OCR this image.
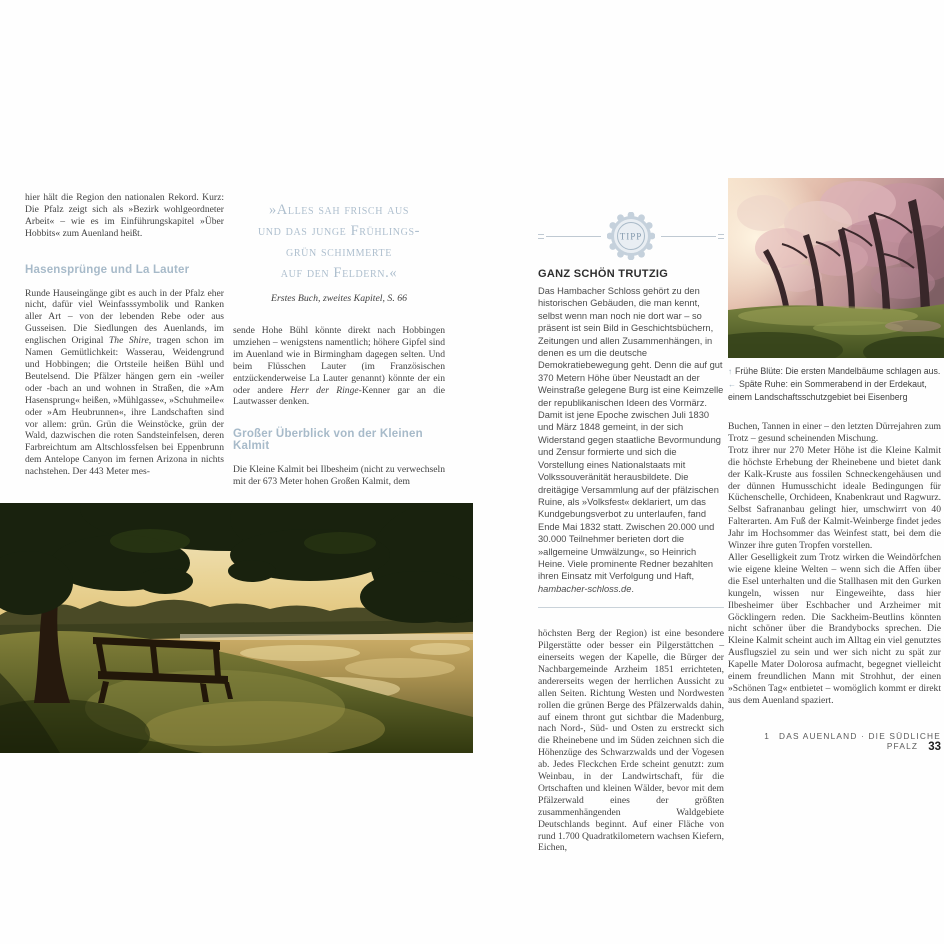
hier hält die Region den nationalen Rekord. Kurz: Die Pfalz zeigt sich als »Bezirk wohlgeordneter Arbeit« – wie es im Einführungskapitel »Über Hobbits« zum Auenland heißt.

Hasensprünge und La Lauter

Runde Hauseingänge gibt es auch in der Pfalz eher nicht, dafür viel Weinfasssymbolik und Ranken aller Art – von der lebenden Rebe oder aus Gusseisen. Die Siedlungen des Auenlands, im englischen Original The Shire, tragen schon im Namen Gemütlichkeit: Wasserau, Weidengrund und Hobbingen; die Ortsteile heißen Bühl und Beutelsend. Die Pfälzer hängen gern ein -weiler oder -bach an und wohnen in Straßen, die »Am Hasensprung« heißen, »Mühlgasse«, »Schuhmeile« oder »Am Heubrunnen«, ihre Landschaften sind vor allem: grün. Grün die Weinstöcke, grün der Wald, dazwischen die roten Sandsteinfelsen, deren Farbreichtum am Altschlossfelsen bei Eppenbrunn dem Antelope Canyon im fernen Arizona in nichts nachstehen. Der 443 Meter mes-

»Alles sah frisch aus
und das junge Frühlings-
grün schimmerte
auf den Feldern.«
Erstes Buch, zweites Kapitel, S. 66

sende Hohe Bühl könnte direkt nach Hobbingen umziehen – wenigstens namentlich; höhere Gipfel sind im Auenland wie in Birmingham dagegen selten. Und beim Flüsschen Lauter (im Französischen entzückenderweise La Lauter genannt) könnte der ein oder andere Herr der Ringe-Kenner gar an die Lautwasser denken.

Großer Überblick von der Kleinen Kalmit

Die Kleine Kalmit bei Ilbesheim (nicht zu verwechseln mit der 673 Meter hohen Großen Kalmit, dem

TIPP
GANZ SCHÖN TRUTZIG
Das Hambacher Schloss gehört zu den historischen Gebäuden, die man kennt, selbst wenn man noch nie dort war – so präsent ist sein Bild in Geschichtsbüchern, Zeitungen und allen Zusammenhängen, in denen es um die deutsche Demokratiebewegung geht. Denn die auf gut 370 Metern Höhe über Neustadt an der Weinstraße gelegene Burg ist eine Keimzelle der republikanischen Ideen des Vormärz. Damit ist jene Epoche zwischen Juli 1830 und März 1848 gemeint, in der sich Widerstand gegen staatliche Bevormundung und Zensur formierte und sich die Vorstellung eines Nationalstaats mit Volkssouveränität herausbildete. Die dreitägige Versammlung auf der pfälzischen Ruine, als »Volksfest« deklariert, um das Kundgebungsverbot zu unterlaufen, fand Ende Mai 1832 statt. Zwischen 20.000 und 30.000 Teilnehmer berieten dort die »allgemeine Umwälzung«, so Heinrich Heine. Viele prominente Redner bezahlten ihren Einsatz mit Verfolgung und Haft, hambacher-schloss.de.

höchsten Berg der Region) ist eine besondere Pilgerstätte oder besser ein Pilgerstättchen – einerseits wegen der Kapelle, die Bürger der Nachbargemeinde Arzheim 1851 errichteten, andererseits wegen der herrlichen Aussicht zu allen Seiten. Richtung Westen und Nordwesten rollen die grünen Berge des Pfälzerwalds dahin, auf einem thront gut sichtbar die Madenburg, nach Nord-, Süd- und Osten zu erstreckt sich die Rheinebene und im Süden zeichnen sich die Höhenzüge des Schwarzwalds und der Vogesen ab. Jedes Fleckchen Erde scheint genutzt: zum Weinbau, in der Landwirtschaft, für die Ortschaften und kleinen Wälder, bevor mit dem Pfälzerwald eines der größten zusammenhängenden Waldgebiete Deutschlands beginnt. Auf einer Fläche von rund 1.700 Quadratkilometern wachsen Kiefern, Eichen,

↑ Frühe Blüte: Die ersten Mandelbäume schlagen aus.
← Späte Ruhe: ein Sommerabend in der Erdekaut, einem Landschaftsschutzgebiet bei Eisenberg

Buchen, Tannen in einer – den letzten Dürrejahren zum Trotz – gesund scheinenden Mischung.

Trotz ihrer nur 270 Meter Höhe ist die Kleine Kalmit die höchste Erhebung der Rheinebene und bietet dank der Kalk-Kruste aus fossilen Schneckengehäusen und der dünnen Humusschicht ideale Bedingungen für Küchenschelle, Orchideen, Knabenkraut und Ragwurz. Selbst Safrananbau gelingt hier, umschwirrt von 40 Falterarten. Am Fuß der Kalmit-Weinberge findet jedes Jahr im Hochsommer das Weinfest statt, bei dem die Winzer ihre guten Tropfen vorstellen.

Aller Geselligkeit zum Trotz wirken die Weindörfchen wie eigene kleine Welten – wenn sich die Affen über die Esel unterhalten und die Stallhasen mit den Gurken kungeln, wissen nur Eingeweihte, dass hier Ilbesheimer über Eschbacher und Arzheimer mit Göcklingern reden. Die Sackheim-Beutlins könnten nicht schöner über die Brandybocks sprechen. Die Kleine Kalmit scheint auch im Alltag ein viel genutztes Ausflugsziel zu sein und wer sich nicht zu spät zur Kapelle Mater Dolorosa aufmacht, begegnet vielleicht einem freundlichen Mann mit Strohhut, der einen »Schönen Tag« entbietet – womöglich kommt er direkt aus dem Auenland spaziert.

1 DAS AUENLAND · DIE SÜDLICHE PFALZ 33
